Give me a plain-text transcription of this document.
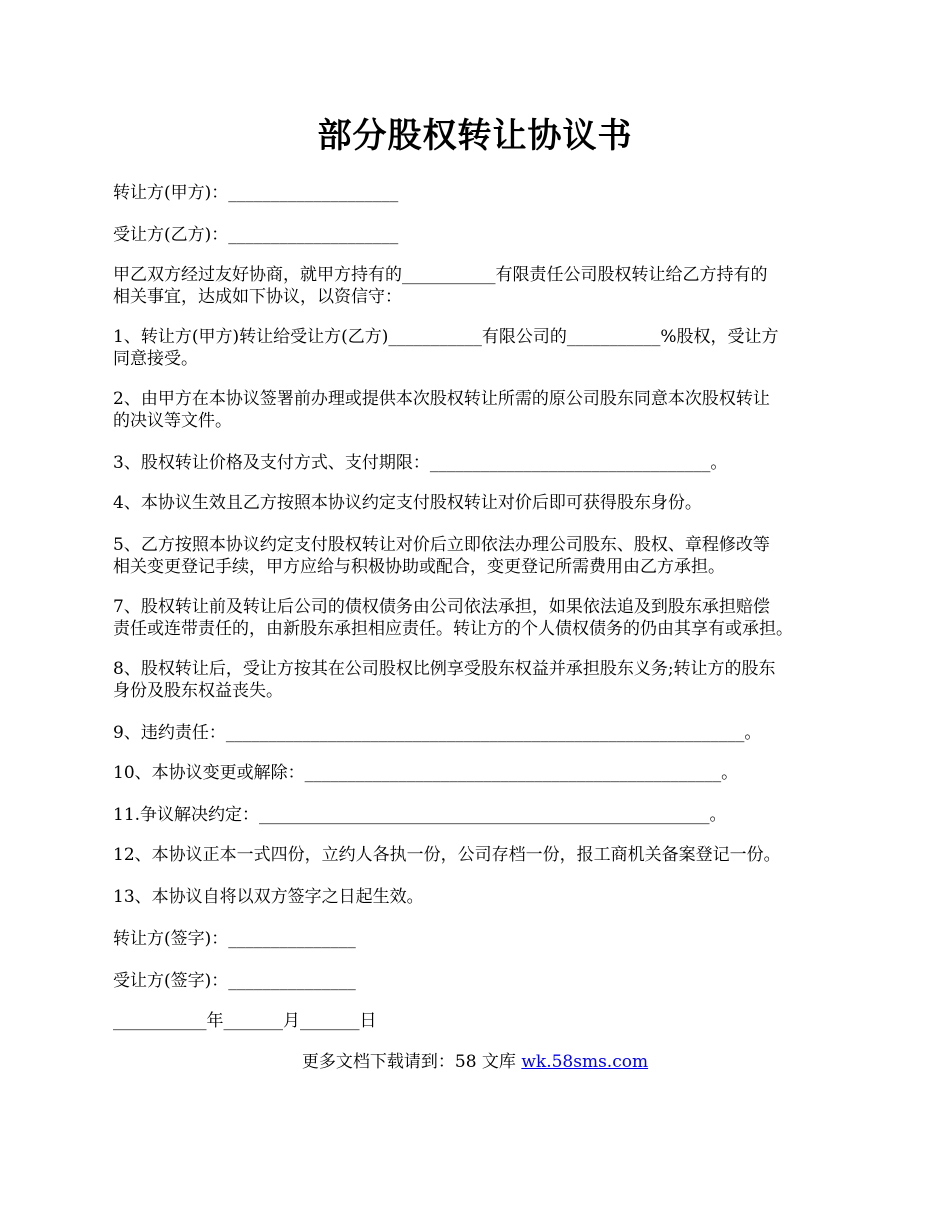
部分股权转让协议书
转让方(甲方)：____________________
受让方(乙方)：____________________
甲乙双方经过友好协商，就甲方持有的___________有限责任公司股权转让给乙方持有的
相关事宜，达成如下协议，以资信守：
1、转让方(甲方)转让给受让方(乙方)___________有限公司的___________%股权，受让方
同意接受。
2、由甲方在本协议签署前办理或提供本次股权转让所需的原公司股东同意本次股权转让
的决议等文件。
3、股权转让价格及支付方式、支付期限：_________________________________。
4、本协议生效且乙方按照本协议约定支付股权转让对价后即可获得股东身份。
5、乙方按照本协议约定支付股权转让对价后立即依法办理公司股东、股权、章程修改等
相关变更登记手续，甲方应给与积极协助或配合，变更登记所需费用由乙方承担。
7、股权转让前及转让后公司的债权债务由公司依法承担，如果依法追及到股东承担赔偿
责任或连带责任的，由新股东承担相应责任。转让方的个人债权债务的仍由其享有或承担。
8、股权转让后，受让方按其在公司股权比例享受股东权益并承担股东义务;转让方的股东
身份及股东权益丧失。
9、违约责任：_____________________________________________________________。
10、本协议变更或解除：_________________________________________________。
11.争议解决约定：_____________________________________________________。
12、本协议正本一式四份，立约人各执一份，公司存档一份，报工商机关备案登记一份。
13、本协议自将以双方签字之日起生效。
转让方(签字)：_______________
受让方(签字)：_______________
___________年_______月_______日
更多文档下载请到：58 文库 wk.58sms.com
